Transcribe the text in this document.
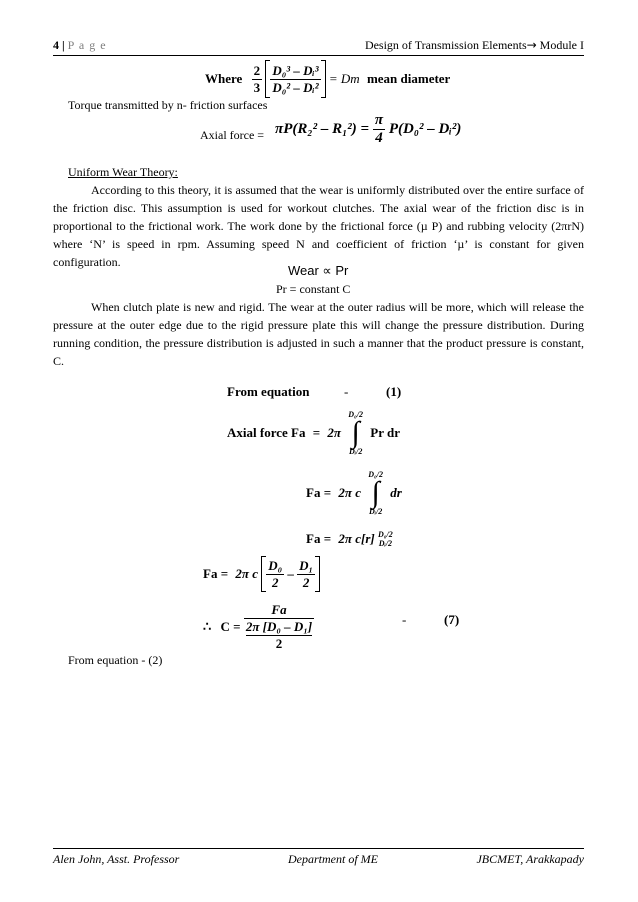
4 | P a g e	Design of Transmission Elements→ Module I
Where $\frac{2}{3}$
$\frac{\text{D₀³ – Dᵢ³}}{\text{D₀² – Dᵢ²}} = Dm$ mean diameter
Torque transmitted by n- friction surfaces
Axial force = $\pi P(R_2^2 - R_1^2) = \frac{\pi}{4} P(D_0^2$ – Dᵢ²)
Uniform Wear Theory:

According to this theory, it is assumed that the wear is uniformly distributed over the entire surface of the friction disc. This assumption is used for workout clutches. The axial wear of the friction disc is in proportional to the frictional work. The work done by the frictional force (µ P) and rubbing velocity (2πrN) where ‘N’ is speed in rpm. Assuming speed N and coefficient of friction ‘µ’ is constant for given configuration.

Wear ∝ Pr
Pr = constant C

When clutch plate is new and rigid. The wear at the outer radius will be more, which will release the pressure at the outer edge due to the rigid pressure plate this will change the pressure distribution. During running condition, the pressure distribution is adjusted in such a manner that the product pressure is constant, C.

From equation	-	(1)
Axial force Fa = 2π
D₀/2
∫
Dᵢ/2
Pr dr
Fa = 2π c
D₀/2
∫
Dᵢ/2
dr
Fa = 2π c[r] D₀/2
Dᵢ/2
Fa = 2π c $\frac{\text{D₀}}{2} - \frac{\text{D₁}}{2}$
∴ C = Fa
2π [D₀ – D₁]
2	-	(7)
From equation - (2)
Alen John, Asst. Professor	Department of ME	JBCMET, Arakkapady
